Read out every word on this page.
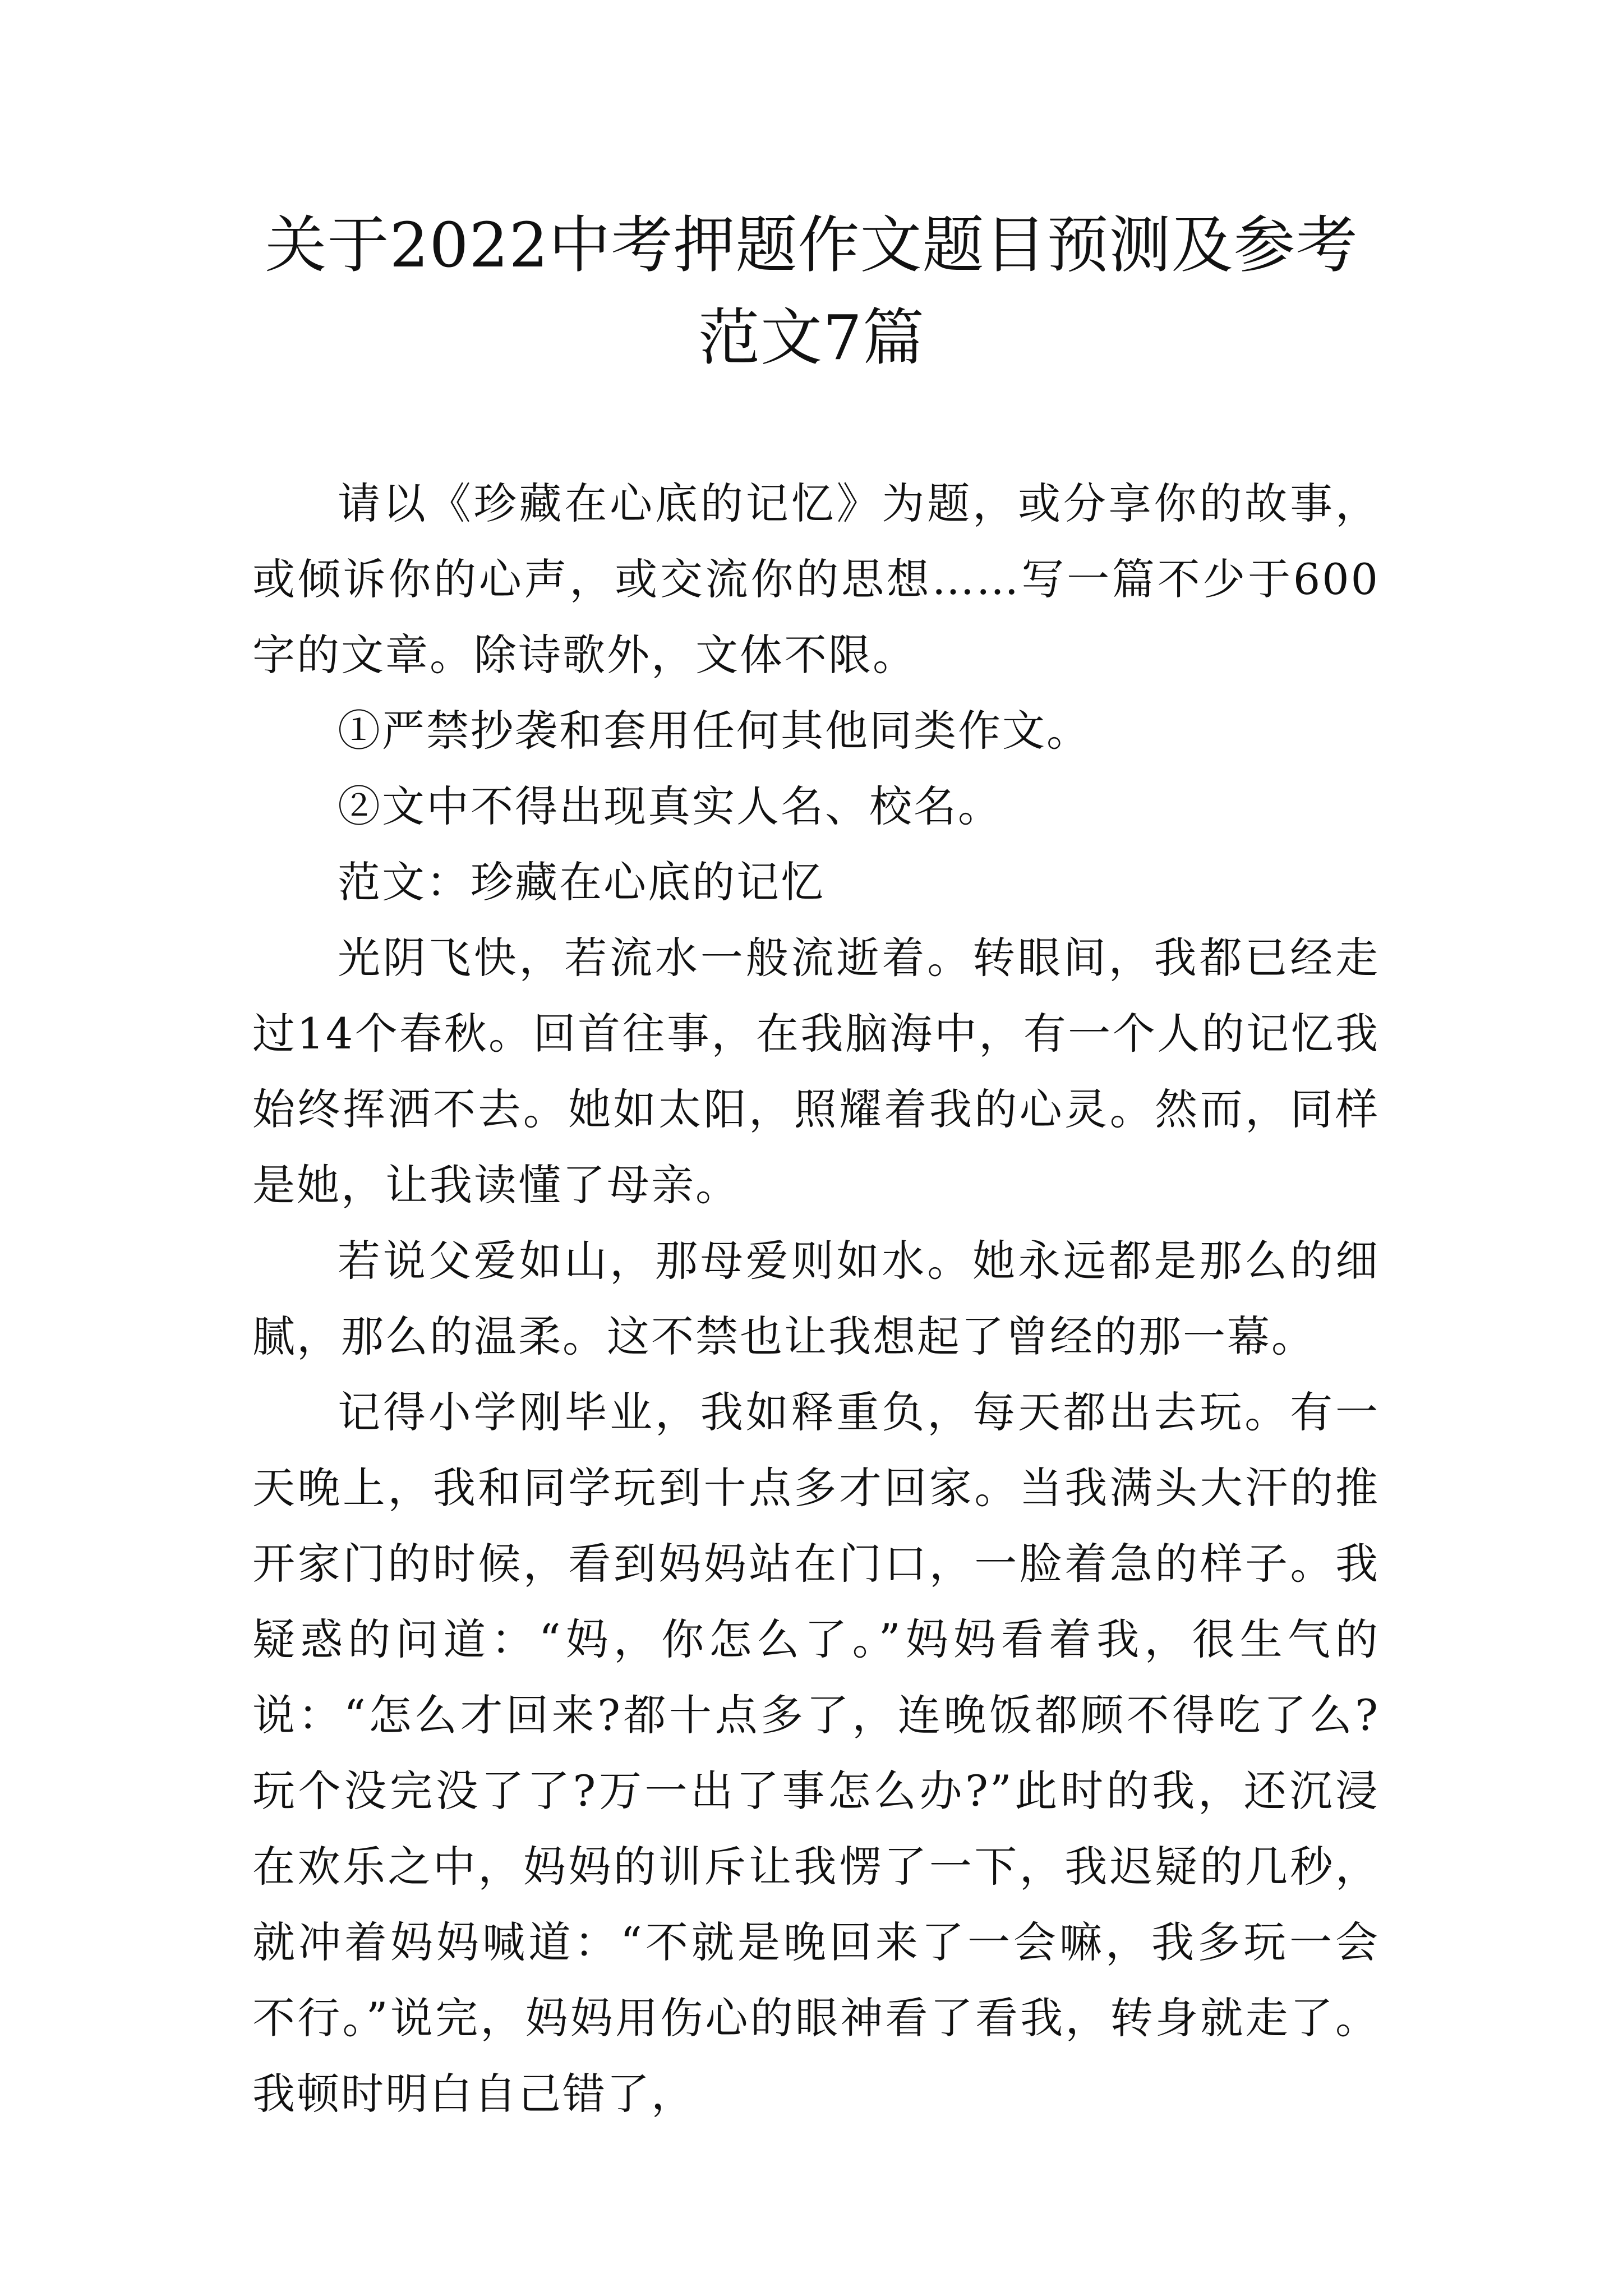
关于2022中考押题作文题目预测及参考范文7篇

请以《珍藏在心底的记忆》为题，或分享你的故事，或倾诉你的心声，或交流你的思想……写一篇不少于600字的文章。除诗歌外，文体不限。

①严禁抄袭和套用任何其他同类作文。

②文中不得出现真实人名、校名。

范文：珍藏在心底的记忆

光阴飞快，若流水一般流逝着。转眼间，我都已经走过14个春秋。回首往事，在我脑海中，有一个人的记忆我始终挥洒不去。她如太阳，照耀着我的心灵。然而，同样是她，让我读懂了母亲。

若说父爱如山，那母爱则如水。她永远都是那么的细腻，那么的温柔。这不禁也让我想起了曾经的那一幕。

记得小学刚毕业，我如释重负，每天都出去玩。有一天晚上，我和同学玩到十点多才回家。当我满头大汗的推开家门的时候，看到妈妈站在门口，一脸着急的样子。我疑惑的问道：“妈，你怎么了。”妈妈看着我，很生气的说：“怎么才回来?都十点多了，连晚饭都顾不得吃了么?玩个没完没了了?万一出了事怎么办?”此时的我，还沉浸在欢乐之中，妈妈的训斥让我愣了一下，我迟疑的几秒，就冲着妈妈喊道：“不就是晚回来了一会嘛，我多玩一会不行。”说完，妈妈用伤心的眼神看了看我，转身就走了。我顿时明白自己错了，
